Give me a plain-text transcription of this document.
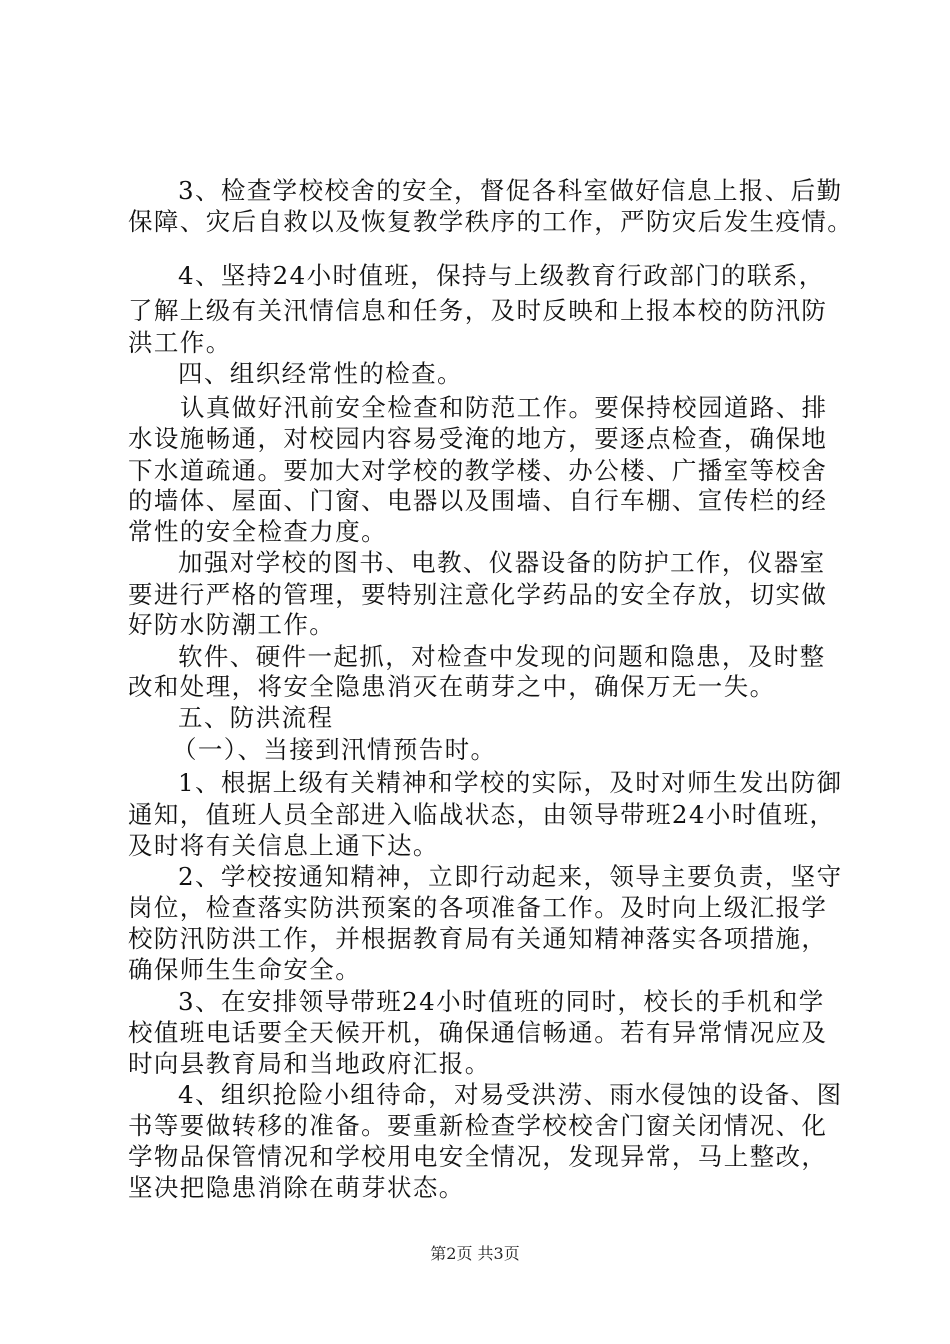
3、检查学校校舍的安全，督促各科室做好信息上报、后勤
保障、灾后自救以及恢复教学秩序的工作，严防灾后发生疫情。
4、坚持24小时值班，保持与上级教育行政部门的联系，
了解上级有关汛情信息和任务，及时反映和上报本校的防汛防
洪工作。
四、组织经常性的检查。
认真做好汛前安全检查和防范工作。要保持校园道路、排
水设施畅通，对校园内容易受淹的地方，要逐点检查，确保地
下水道疏通。要加大对学校的教学楼、办公楼、广播室等校舍
的墙体、屋面、门窗、电器以及围墙、自行车棚、宣传栏的经
常性的安全检查力度。
加强对学校的图书、电教、仪器设备的防护工作，仪器室
要进行严格的管理，要特别注意化学药品的安全存放，切实做
好防水防潮工作。
软件、硬件一起抓，对检查中发现的问题和隐患，及时整
改和处理，将安全隐患消灭在萌芽之中，确保万无一失。
五、防洪流程
（一）、当接到汛情预告时。
1、根据上级有关精神和学校的实际，及时对师生发出防御
通知，值班人员全部进入临战状态，由领导带班24小时值班，
及时将有关信息上通下达。
2、学校按通知精神，立即行动起来，领导主要负责，坚守
岗位，检查落实防洪预案的各项准备工作。及时向上级汇报学
校防汛防洪工作，并根据教育局有关通知精神落实各项措施，
确保师生生命安全。
3、在安排领导带班24小时值班的同时，校长的手机和学
校值班电话要全天候开机，确保通信畅通。若有异常情况应及
时向县教育局和当地政府汇报。
4、组织抢险小组待命，对易受洪涝、雨水侵蚀的设备、图
书等要做转移的准备。要重新检查学校校舍门窗关闭情况、化
学物品保管情况和学校用电安全情况，发现异常，马上整改，
坚决把隐患消除在萌芽状态。
第2页 共3页
